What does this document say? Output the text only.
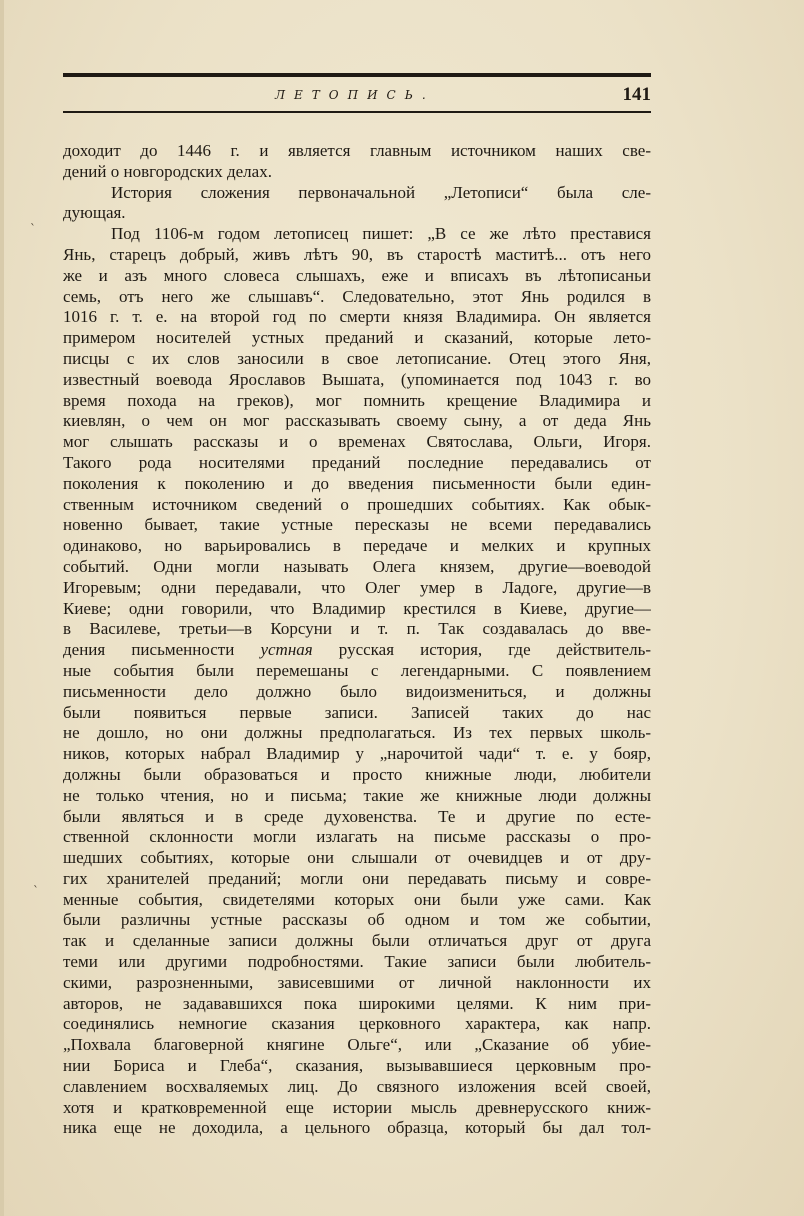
ЛЕТОПИСЬ.	141
доходит до 1446 г. и является главным источником наших све-
дений о новгородских делах.
История сложения первоначальной „Летописи“ была сле-
дующая.
Под 1106-м годом летописец пишет: „В се же лѣто преставися
Янь, старецъ добрый, живъ лѣтъ 90, въ старостѣ маститѣ... отъ него
же и азъ много словеса слышахъ, еже и вписахъ въ лѣтописаньи
семь, отъ него же слышавъ“. Следовательно, этот Янь родился в
1016 г. т. е. на второй год по смерти князя Владимира. Он является
примером носителей устных преданий и сказаний, которые лето-
писцы с их слов заносили в свое летописание. Отец этого Яня,
известный воевода Ярославов Вышата, (упоминается под 1043 г. во
время похода на греков), мог помнить крещение Владимира и
киевлян, о чем он мог рассказывать своему сыну, а от деда Янь
мог слышать рассказы и о временах Святослава, Ольги, Игоря.
Такого рода носителями преданий последние передавались от
поколения к поколению и до введения письменности были един-
ственным источником сведений о прошедших событиях. Как обык-
новенно бывает, такие устные пересказы не всеми передавались
одинаково, но варьировались в передаче и мелких и крупных
событий. Одни могли называть Олега князем, другие—воеводой
Игоревым; одни передавали, что Олег умер в Ладоге, другие—в
Киеве; одни говорили, что Владимир крестился в Киеве, другие—
в Василеве, третьи—в Корсуни и т. п. Так создавалась до вве-
дения письменности устная русская история, где действитель-
ные события были перемешаны с легендарными. С появлением
письменности дело должно было видоизмениться, и должны
были появиться первые записи. Записей таких до нас
не дошло, но они должны предполагаться. Из тех первых школь-
ников, которых набрал Владимир у „нарочитой чади“ т. е. у бояр,
должны были образоваться и просто книжные люди, любители
не только чтения, но и письма; такие же книжные люди должны
были являться и в среде духовенства. Те и другие по есте-
ственной склонности могли излагать на письме рассказы о про-
шедших событиях, которые они слышали от очевидцев и от дру-
гих хранителей преданий; могли они передавать письму и совре-
менные события, свидетелями которых они были уже сами. Как
были различны устные рассказы об одном и том же событии,
так и сделанные записи должны были отличаться друг от друга
теми или другими подробностями. Такие записи были любитель-
скими, разрозненными, зависевшими от личной наклонности их
авторов, не задававшихся пока широкими целями. К ним при-
соединялись немногие сказания церковного характера, как напр.
„Похвала благоверной княгине Ольге“, или „Сказание об убие-
нии Бориса и Глеба“, сказания, вызывавшиеся церковным про-
славлением восхваляемых лиц. До связного изложения всей своей,
хотя и кратковременной еще истории мысль древнерусского книж-
ника еще не доходила, а цельного образца, который бы дал тол-
ˋ
ˋ
